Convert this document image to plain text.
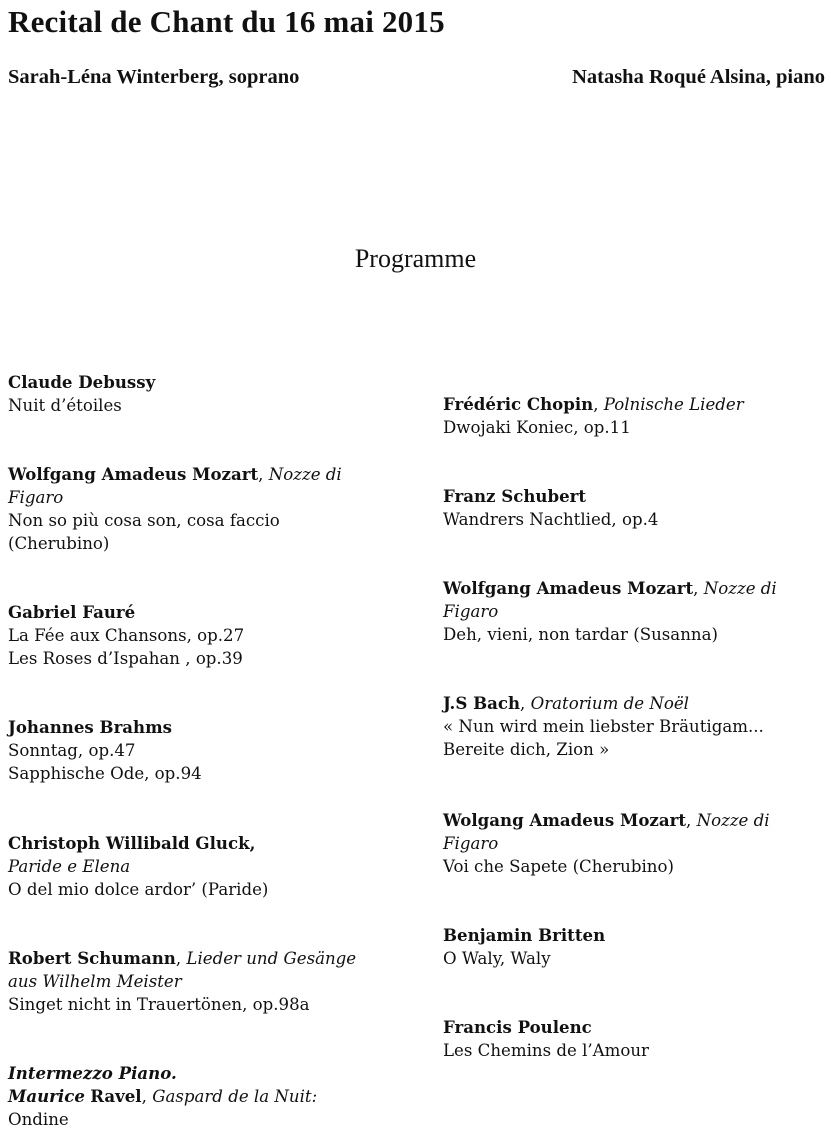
Recital de Chant du 16 mai 2015

Sarah-Léna Winterberg, soprano	Natasha Roqué Alsina, piano

Programme
Claude Debussy
Nuit d’étoiles
Wolfgang Amadeus Mozart, Nozze di
Figaro
Non so più cosa son, cosa faccio
(Cherubino)
Gabriel Fauré
La Fée aux Chansons, op.27
Les Roses d’Ispahan , op.39
Johannes Brahms
Sonntag, op.47
Sapphische Ode, op.94
Christoph Willibald Gluck,
Paride e Elena
O del mio dolce ardor’ (Paride)
Robert Schumann, Lieder und Gesänge
aus Wilhelm Meister
Singet nicht in Trauertönen, op.98a
Intermezzo Piano.
Maurice Ravel, Gaspard de la Nuit:
Ondine
Frédéric Chopin, Polnische Lieder
Dwojaki Koniec, op.11
Franz Schubert
Wandrers Nachtlied, op.4
Wolfgang Amadeus Mozart, Nozze di
Figaro
Deh, vieni, non tardar (Susanna)
J.S Bach, Oratorium de Noël
« Nun wird mein liebster Bräutigam...
Bereite dich, Zion »
Wolgang Amadeus Mozart, Nozze di
Figaro
Voi che Sapete (Cherubino)
Benjamin Britten
O Waly, Waly
Francis Poulenc
Les Chemins de l’Amour
